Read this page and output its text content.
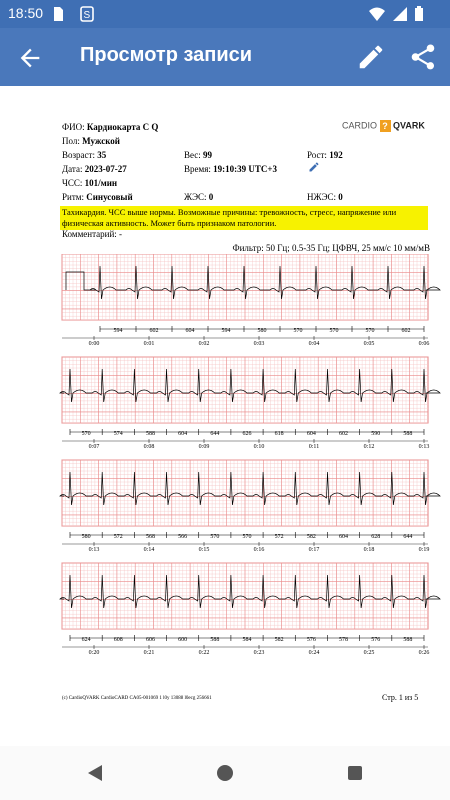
18:50	S
Просмотр записи
CARDIO ? QVARK
ФИО: Кардиокарта С Q
Пол: Мужской
Возраст: 35	Вес: 99	Рост: 192
Дата: 2023-07-27	Время: 19:10:39 UTC+3
ЧСС: 101/мин
Ритм: Синусовый	ЖЭС: 0	НЖЭС: 0
Тахикардия. ЧСС выше нормы. Возможные причины: тревожность, стресс, напряжение или физическая активность. Может быть признаком патологии.
Комментарий: -
Фильтр: 50 Гц; 0.5-35 Гц; ЦФВЧ, 25 мм/с 10 мм/мВ
594	602	604	594	580	570	570	570	602
0:00	0:01	0:02	0:03	0:04	0:05	0:06
570	574	588	604	644	626	618	604	602	590	588
0:07	0:08	0:09	0:10	0:11	0:12	0:13
580	572	568	566	570	570	572	582	604	628	644
0:13	0:14	0:15	0:16	0:17	0:18	0:19
624	608	606	600	588	584	582	576	578	576	588
0:20	0:21	0:22	0:23	0:24	0:25	0:26
(c) CardioQVARK CardioCARD CA05-001069 1 l0y 13088 l0ecg 256661	Стр. 1 из 5
